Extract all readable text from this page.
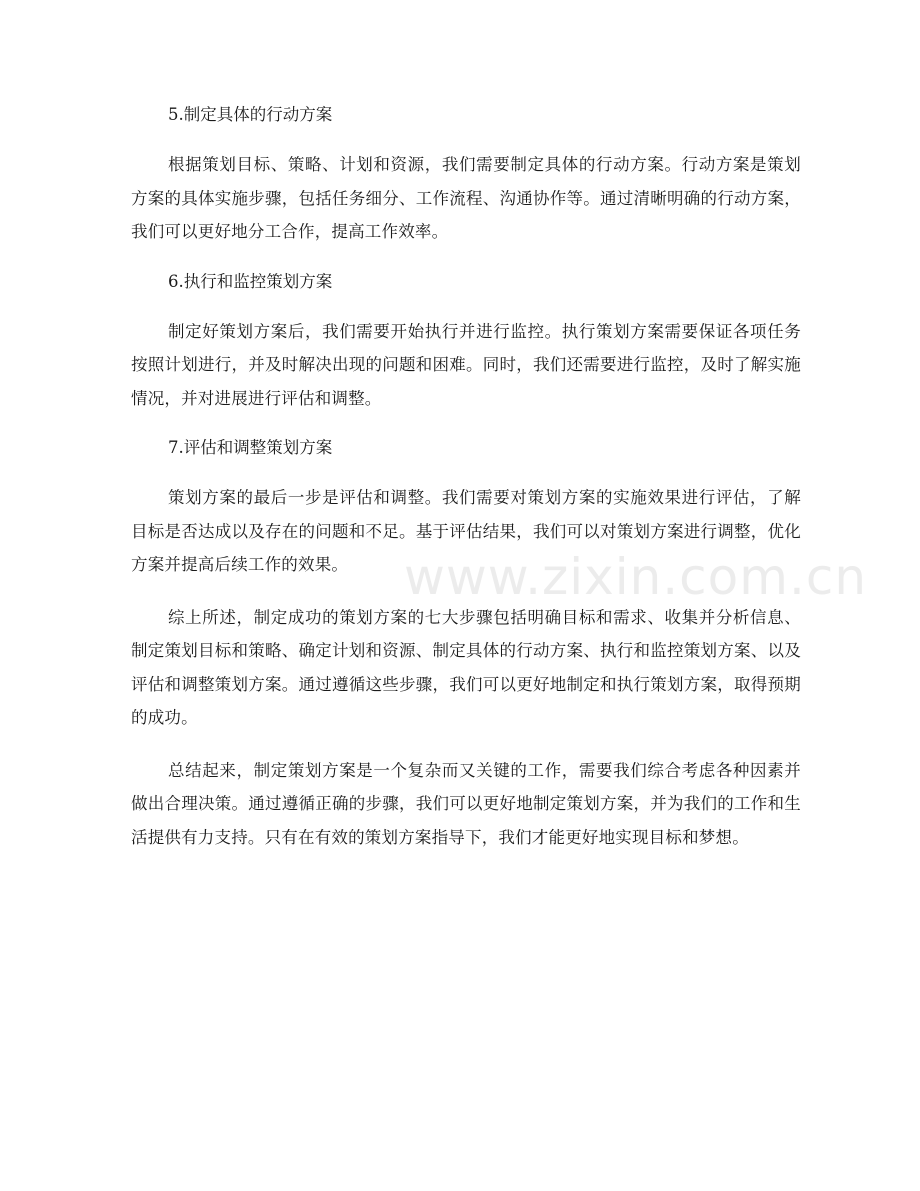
5.制定具体的行动方案

根据策划目标、策略、计划和资源，我们需要制定具体的行动方案。行动方案是策划方案的具体实施步骤，包括任务细分、工作流程、沟通协作等。通过清晰明确的行动方案，我们可以更好地分工合作，提高工作效率。

6.执行和监控策划方案

制定好策划方案后，我们需要开始执行并进行监控。执行策划方案需要保证各项任务按照计划进行，并及时解决出现的问题和困难。同时，我们还需要进行监控，及时了解实施情况，并对进展进行评估和调整。

7.评估和调整策划方案

策划方案的最后一步是评估和调整。我们需要对策划方案的实施效果进行评估，了解目标是否达成以及存在的问题和不足。基于评估结果，我们可以对策划方案进行调整，优化方案并提高后续工作的效果。

综上所述，制定成功的策划方案的七大步骤包括明确目标和需求、收集并分析信息、制定策划目标和策略、确定计划和资源、制定具体的行动方案、执行和监控策划方案、以及评估和调整策划方案。通过遵循这些步骤，我们可以更好地制定和执行策划方案，取得预期的成功。

总结起来，制定策划方案是一个复杂而又关键的工作，需要我们综合考虑各种因素并做出合理决策。通过遵循正确的步骤，我们可以更好地制定策划方案，并为我们的工作和生活提供有力支持。只有在有效的策划方案指导下，我们才能更好地实现目标和梦想。

www.zixin.com.cn
